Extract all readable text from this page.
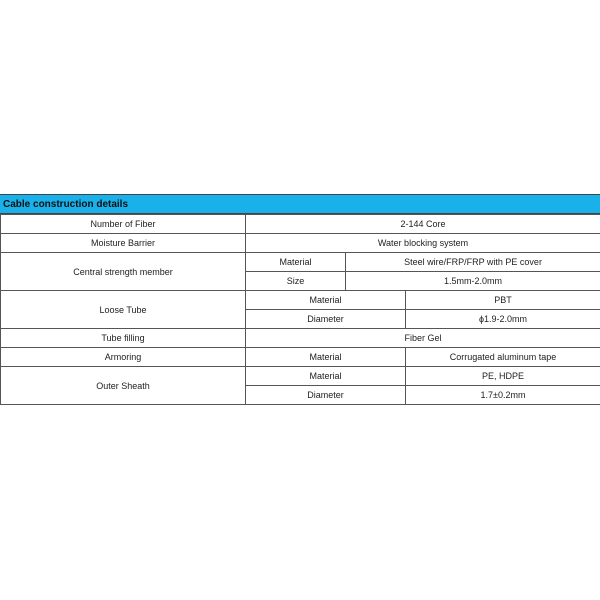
Cable construction details
Number of Fiber	2-144 Core		
Moisture Barrier	Water blocking system		
Central strength member	Material	Steel wire/FRP/FRP with PE cover	
	Size	1.5mm-2.0mm	
Loose Tube	Material		PBT
	Diameter		ɸ1.9-2.0mm
Tube filling	Fiber Gel		
Armoring	Material		Corrugated aluminum tape
Outer Sheath	Material		PE, HDPE
	Diameter		1.7±0.2mm
